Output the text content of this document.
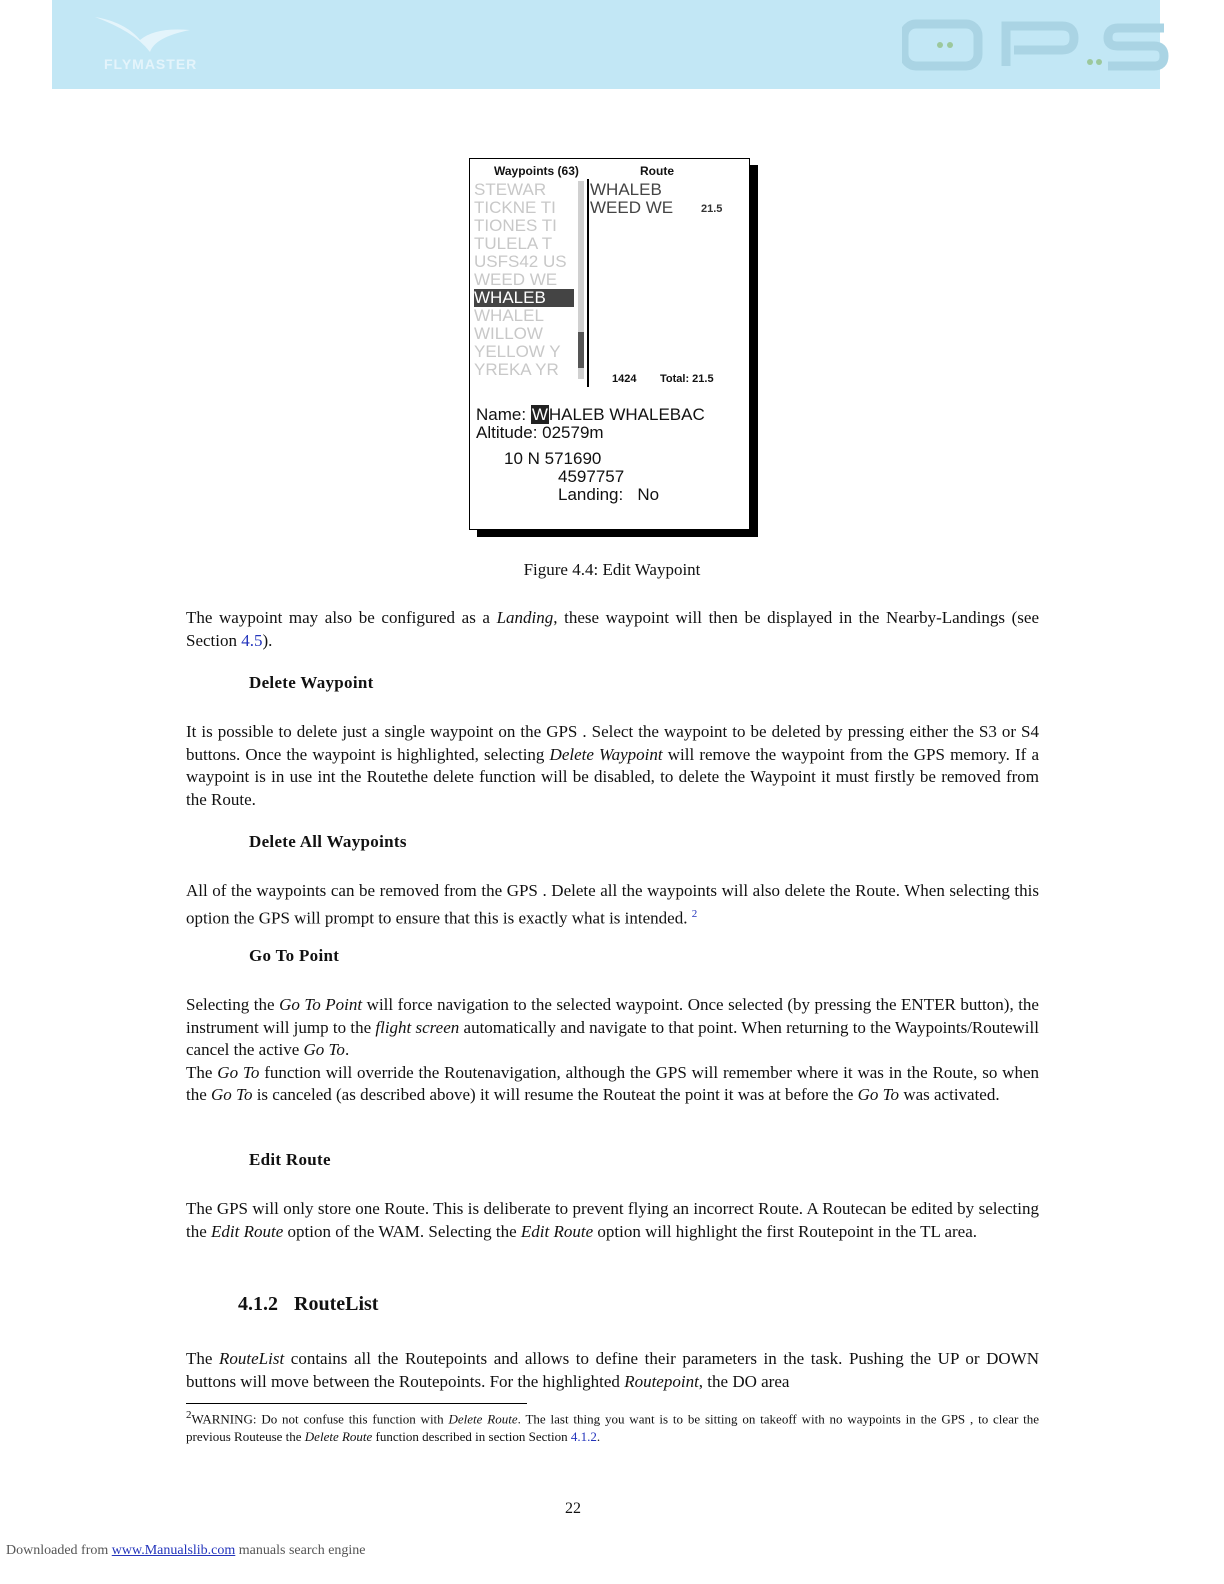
FLYMASTER
Waypoints (63)	Route
STEWAR
TICKNE TI
TIONES TI
TULELA T
USFS42 US
WEED WE
WHALEB
WHALEL
WILLOW
YELLOW Y
YREKA YR
WHALEB
WEED WE	21.5
1424 Total: 21.5
Name: WHALEB WHALEBAC
Altitude: 02579m
10 N 571690
4597757
Landing: No
Figure 4.4: Edit Waypoint
The waypoint may also be configured as a Landing, these waypoint will then be displayed in the Nearby-Landings (see Section 4.5).
Delete Waypoint
It is possible to delete just a single waypoint on the GPS . Select the waypoint to be deleted by pressing either the S3 or S4 buttons. Once the waypoint is highlighted, selecting Delete Waypoint will remove the waypoint from the GPS memory. If a waypoint is in use int the Routethe delete function will be disabled, to delete the Waypoint it must firstly be removed from the Route.
Delete All Waypoints
All of the waypoints can be removed from the GPS . Delete all the waypoints will also delete the Route. When selecting this option the GPS will prompt to ensure that this is exactly what is intended. $^2$
Go To Point
Selecting the Go To Point will force navigation to the selected waypoint. Once selected (by pressing the ENTER button), the instrument will jump to the flight screen automatically and navigate to that point. When returning to the Waypoints/Routewill cancel the active Go To.
The Go To function will override the Routenavigation, although the GPS will remember where it was in the Route, so when the Go To is canceled (as described above) it will resume the Routeat the point it was at before the Go To was activated.
Edit Route
The GPS will only store one Route. This is deliberate to prevent flying an incorrect Route. A Routecan be edited by selecting the Edit Route option of the WAM. Selecting the Edit Route option will highlight the first Routepoint in the TL area.
4.1.2 RouteList
The RouteList contains all the Routepoints and allows to define their parameters in the task. Pushing the UP or DOWN buttons will move between the Routepoints. For the highlighted Routepoint, the DO area
$^2$WARNING: Do not confuse this function with Delete Route. The last thing you want is to be sitting on takeoff with no waypoints in the GPS , to clear the previous Routeuse the Delete Route function described in section Section 4.1.2.
22
Downloaded from www.Manualslib.com manuals search engine
